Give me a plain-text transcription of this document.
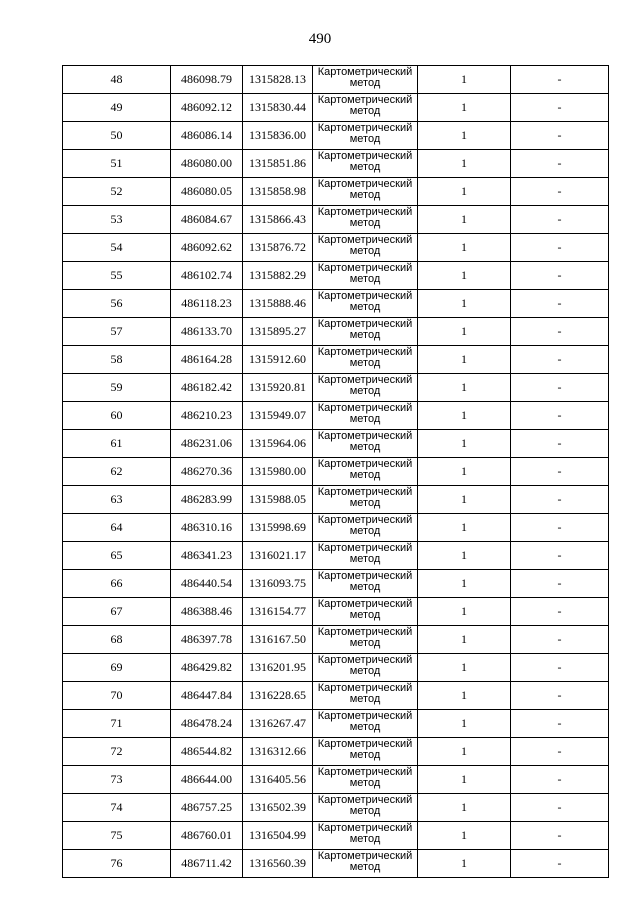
490
48	486098.79	1315828.13	Картометрический метод	1	-
49	486092.12	1315830.44	Картометрический метод	1	-
50	486086.14	1315836.00	Картометрический метод	1	-
51	486080.00	1315851.86	Картометрический метод	1	-
52	486080.05	1315858.98	Картометрический метод	1	-
53	486084.67	1315866.43	Картометрический метод	1	-
54	486092.62	1315876.72	Картометрический метод	1	-
55	486102.74	1315882.29	Картометрический метод	1	-
56	486118.23	1315888.46	Картометрический метод	1	-
57	486133.70	1315895.27	Картометрический метод	1	-
58	486164.28	1315912.60	Картометрический метод	1	-
59	486182.42	1315920.81	Картометрический метод	1	-
60	486210.23	1315949.07	Картометрический метод	1	-
61	486231.06	1315964.06	Картометрический метод	1	-
62	486270.36	1315980.00	Картометрический метод	1	-
63	486283.99	1315988.05	Картометрический метод	1	-
64	486310.16	1315998.69	Картометрический метод	1	-
65	486341.23	1316021.17	Картометрический метод	1	-
66	486440.54	1316093.75	Картометрический метод	1	-
67	486388.46	1316154.77	Картометрический метод	1	-
68	486397.78	1316167.50	Картометрический метод	1	-
69	486429.82	1316201.95	Картометрический метод	1	-
70	486447.84	1316228.65	Картометрический метод	1	-
71	486478.24	1316267.47	Картометрический метод	1	-
72	486544.82	1316312.66	Картометрический метод	1	-
73	486644.00	1316405.56	Картометрический метод	1	-
74	486757.25	1316502.39	Картометрический метод	1	-
75	486760.01	1316504.99	Картометрический метод	1	-
76	486711.42	1316560.39	Картометрический метод	1	-
